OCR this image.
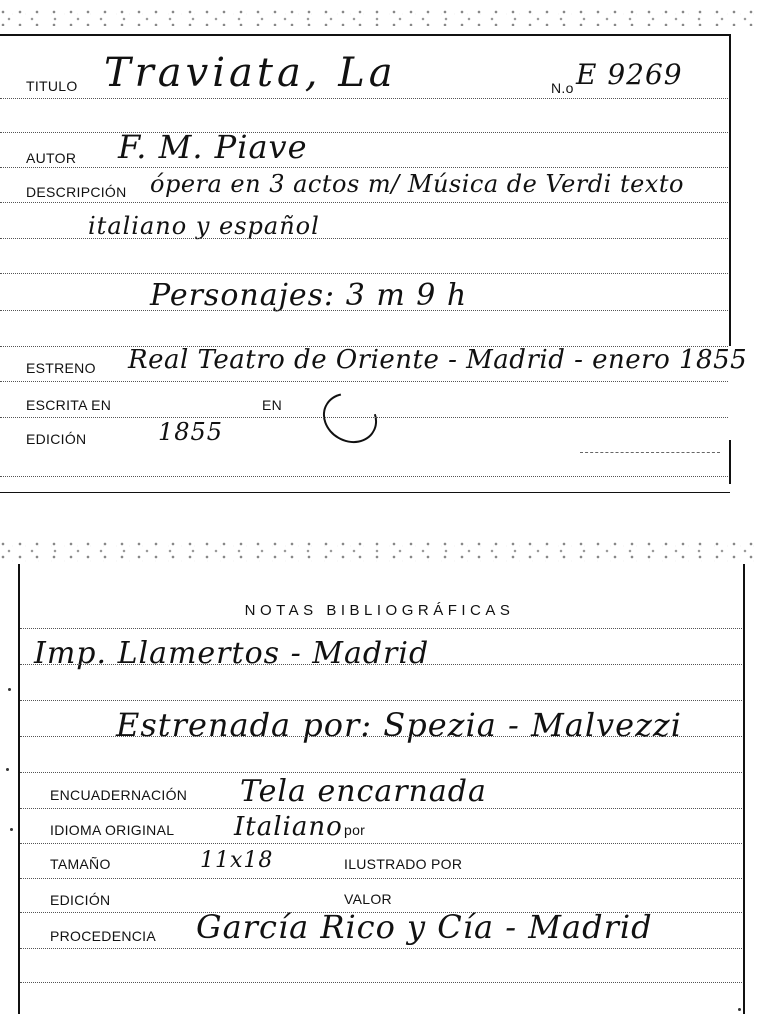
TITULO Traviata, La	N.o E 9269
AUTOR F. M. Piave
DESCRIPCIÓN ópera en 3 actos m/ Música de Verdi texto
italiano y español
Personajes: 3 m 9 h
ESTRENO Real Teatro de Oriente - Madrid - enero 1855
ESCRITA EN	EN
EDICIÓN	1855
NOTAS BIBLIOGRÁFICAS
Imp. Llamertos - Madrid
Estrenada por: Spezia - Malvezzi
ENCUADERNACIÓN Tela encarnada
IDIOMA ORIGINAL Italiano por
TAMAÑO	11x18	ILUSTRADO POR
EDICIÓN	VALOR
PROCEDENCIA García Rico y Cía - Madrid
